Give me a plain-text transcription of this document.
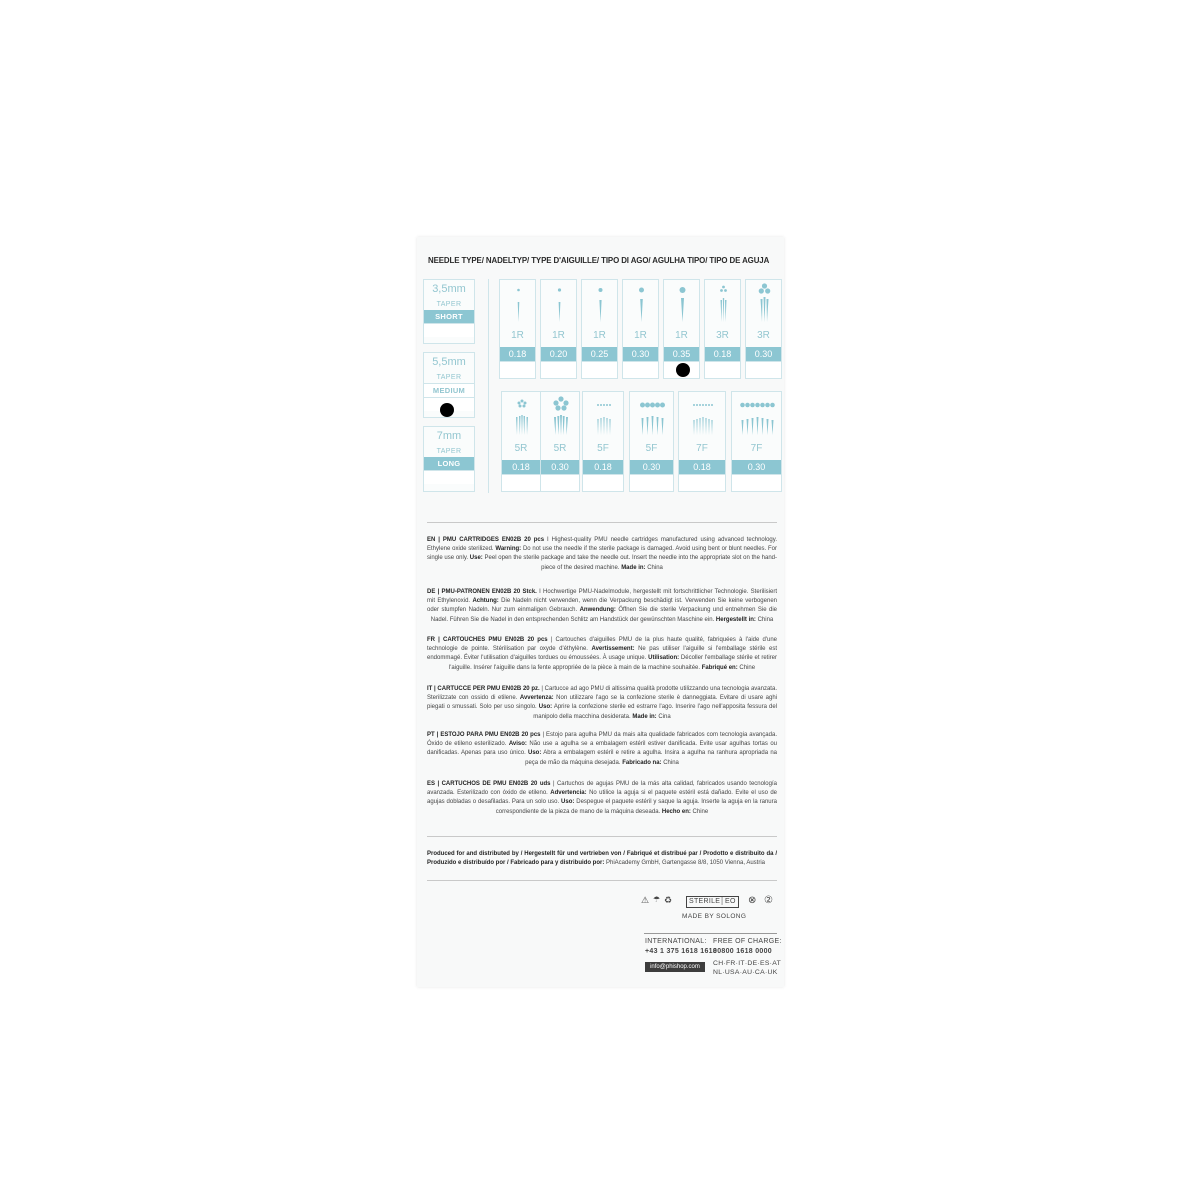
NEEDLE TYPE/ NADELTYP/ TYPE D'AIGUILLE/ TIPO DI AGO/ AGULHA TIPO/ TIPO DE AGUJA
3,5mm
TAPER
SHORT
5,5mm
TAPER
MEDIUM
7mm
TAPER
LONG
1R
0.18
1R
0.20
1R
0.25
1R
0.30
1R
0.35
3R
0.18
3R
0.30
5R
0.18
5R
0.30
5F
0.18
5F
0.30
7F
0.18
7F
0.30
EN | PMU CARTRIDGES EN02B 20 pcs I Highest-quality PMU needle cartridges manufactured using advanced technology. Ethylene oxide sterilized. Warning: Do not use the needle if the sterile package is damaged. Avoid using bent or blunt needles. For single use only. Use: Peel open the sterile package and take the needle out. Insert the needle into the appropriate slot on the hand-piece of the desired machine. Made in: China
DE | PMU-PATRONEN EN02B 20 Stck. I Hochwertige PMU-Nadelmodule, hergestellt mit fortschrittlicher Technologie. Sterilisiert mit Ethylenoxid. Achtung: Die Nadeln nicht verwenden, wenn die Verpackung beschädigt ist. Verwenden Sie keine verbogenen oder stumpfen Nadeln. Nur zum einmaligen Gebrauch. Anwendung: Öffnen Sie die sterile Verpackung und entnehmen Sie die Nadel. Führen Sie die Nadel in den entsprechenden Schlitz am Handstück der gewünschten Maschine ein. Hergestellt in: China
FR | CARTOUCHES PMU EN02B 20 pcs | Cartouches d'aiguilles PMU de la plus haute qualité, fabriquées à l'aide d'une technologie de pointe. Stérilisation par oxyde d'éthylène. Avertissement: Ne pas utiliser l'aiguille si l'emballage stérile est endommagé. Éviter l'utilisation d'aiguilles tordues ou émoussées. À usage unique. Utilisation: Décoller l'emballage stérile et retirer l'aiguille. Insérer l'aiguille dans la fente appropriée de la pièce à main de la machine souhaitée. Fabriqué en: Chine
IT | CARTUCCE PER PMU EN02B 20 pz. | Cartucce ad ago PMU di altissima qualità prodotte utilizzando una tecnologia avanzata. Sterilizzate con ossido di etilene. Avvertenza: Non utilizzare l'ago se la confezione sterile è danneggiata. Evitare di usare aghi piegati o smussati. Solo per uso singolo. Uso: Aprire la confezione sterile ed estrarre l'ago. Inserire l'ago nell'apposita fessura del manipolo della macchina desiderata. Made in: Cina
PT | ESTOJO PARA PMU EN02B 20 pcs | Estojo para agulha PMU da mais alta qualidade fabricados com tecnologia avançada. Óxido de etileno esterilizado. Aviso: Não use a agulha se a embalagem estéril estiver danificada. Evite usar agulhas tortas ou danificadas. Apenas para uso único. Uso: Abra a embalagem estéril e retire a agulha. Insira a agulha na ranhura apropriada na peça de mão da máquina desejada. Fabricado na: China
ES | CARTUCHOS DE PMU EN02B 20 uds | Cartuchos de agujas PMU de la más alta calidad, fabricados usando tecnología avanzada. Esterilizado con óxido de etileno. Advertencia: No utilice la aguja si el paquete estéril está dañado. Evite el uso de agujas dobladas o desafiladas. Para un solo uso. Uso: Despegue el paquete estéril y saque la aguja. Inserte la aguja en la ranura correspondiente de la pieza de mano de la máquina deseada. Hecho en: Chine
Produced for and distributed by / Hergestellt für und vertrieben von / Fabriqué et distribué par / Prodotto e distribuito da / Produzido e distribuído por / Fabricado para y distribuido por: PhiAcademy GmbH, Gartengasse 8/8, 1050 Vienna, Austria
⚠ ☂ ♻	STERILE│EO	⊗ ②
MADE BY SOLONG
INTERNATIONAL: FREE OF CHARGE:
+43 1 375 1618 1618
00800 1618 0000
info@phishop.com	CH·FR·IT·DE·ES·AT
NL·USA·AU·CA·UK
